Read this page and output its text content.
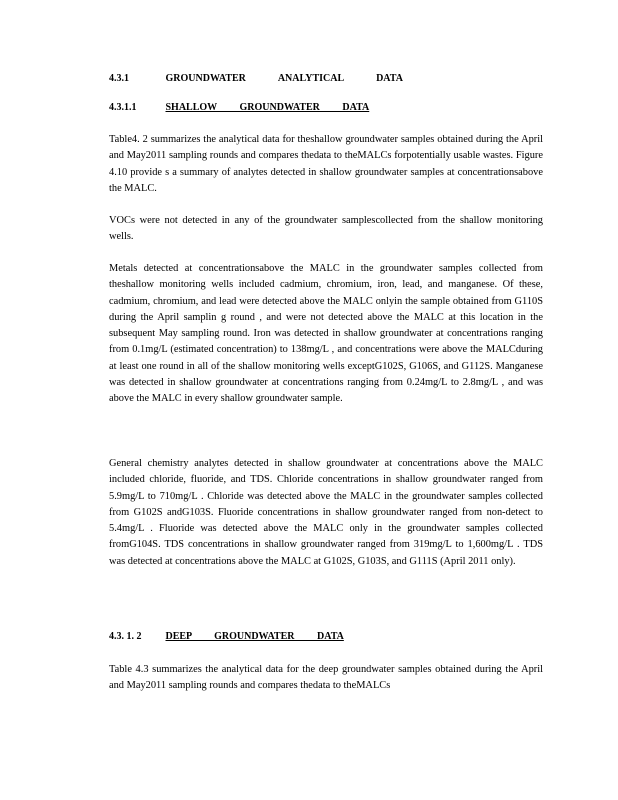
4.3.1	GROUNDWATER ANALYTICAL DATA
4.3.1.1	SHALLOW GROUNDWATER DATA

Table4. 2 summarizes the analytical data for theshallow groundwater samples obtained during the April and May2011 sampling rounds and compares thedata to theMALCs forpotentially usable wastes. Figure 4.10 provide s a summary of analytes detected in shallow groundwater samples at concentrationsabove the MALC.

VOCs were not detected in any of the groundwater samplescollected from the shallow monitoring wells.

Metals detected at concentrationsabove the MALC in the groundwater samples collected from theshallow monitoring wells included cadmium, chromium, iron, lead, and manganese. Of these, cadmium, chromium, and lead were detected above the MALC onlyin the sample obtained from G110S during the April samplin g round , and were not detected above the MALC at this location in the subsequent May sampling round. Iron was detected in shallow groundwater at concentrations ranging from 0.1mg/L (estimated concentration) to 138mg/L , and concentrations were above the MALCduring at least one round in all of the shallow monitoring wells exceptG102S, G106S, and G112S. Manganese was detected in shallow groundwater at concentrations ranging from 0.24mg/L to 2.8mg/L , and was above the MALC in every shallow groundwater sample.

General chemistry analytes detected in shallow groundwater at concentrations above the MALC included chloride, fluoride, and TDS. Chloride concentrations in shallow groundwater ranged from 5.9mg/L to 710mg/L . Chloride was detected above the MALC in the groundwater samples collected from G102S andG103S. Fluoride concentrations in shallow groundwater ranged from non-detect to 5.4mg/L . Fluoride was detected above the MALC only in the groundwater samples collected fromG104S. TDS concentrations in shallow groundwater ranged from 319mg/L to 1,600mg/L . TDS was detected at concentrations above the MALC at G102S, G103S, and G111S (April 2011 only).

4.3. 1. 2 DEEP GROUNDWATER DATA

Table 4.3 summarizes the analytical data for the deep groundwater samples obtained during the April and May2011 sampling rounds and compares thedata to theMALCs
